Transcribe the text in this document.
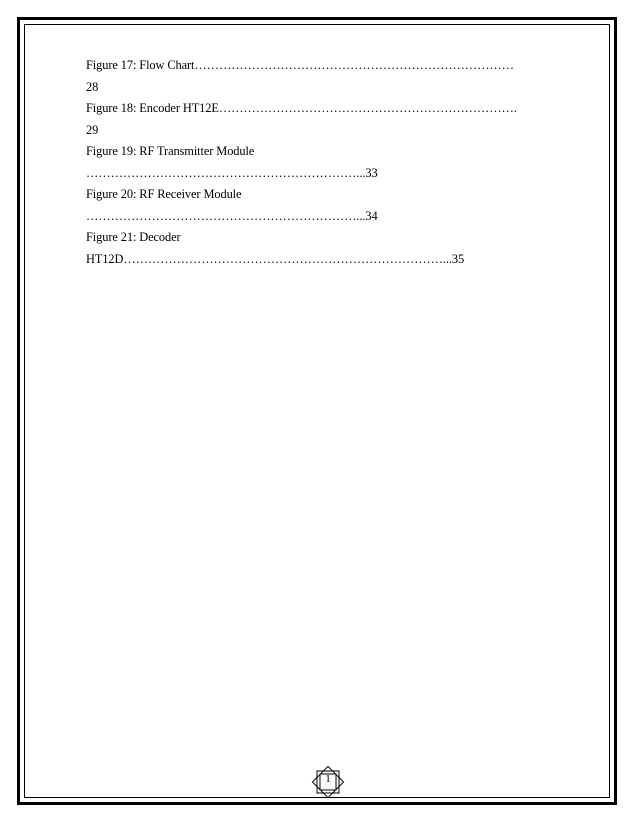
Figure 17: Flow Chart……………………………………………………………………
28
Figure 18: Encoder HT12E……………………………………………………………….
29
Figure 19: RF Transmitter Module
…………………………………………………………...33
Figure 20: RF Receiver Module
…………………………………………………………...34
Figure 21: Decoder
HT12D……………………………………………………………………...35
1
